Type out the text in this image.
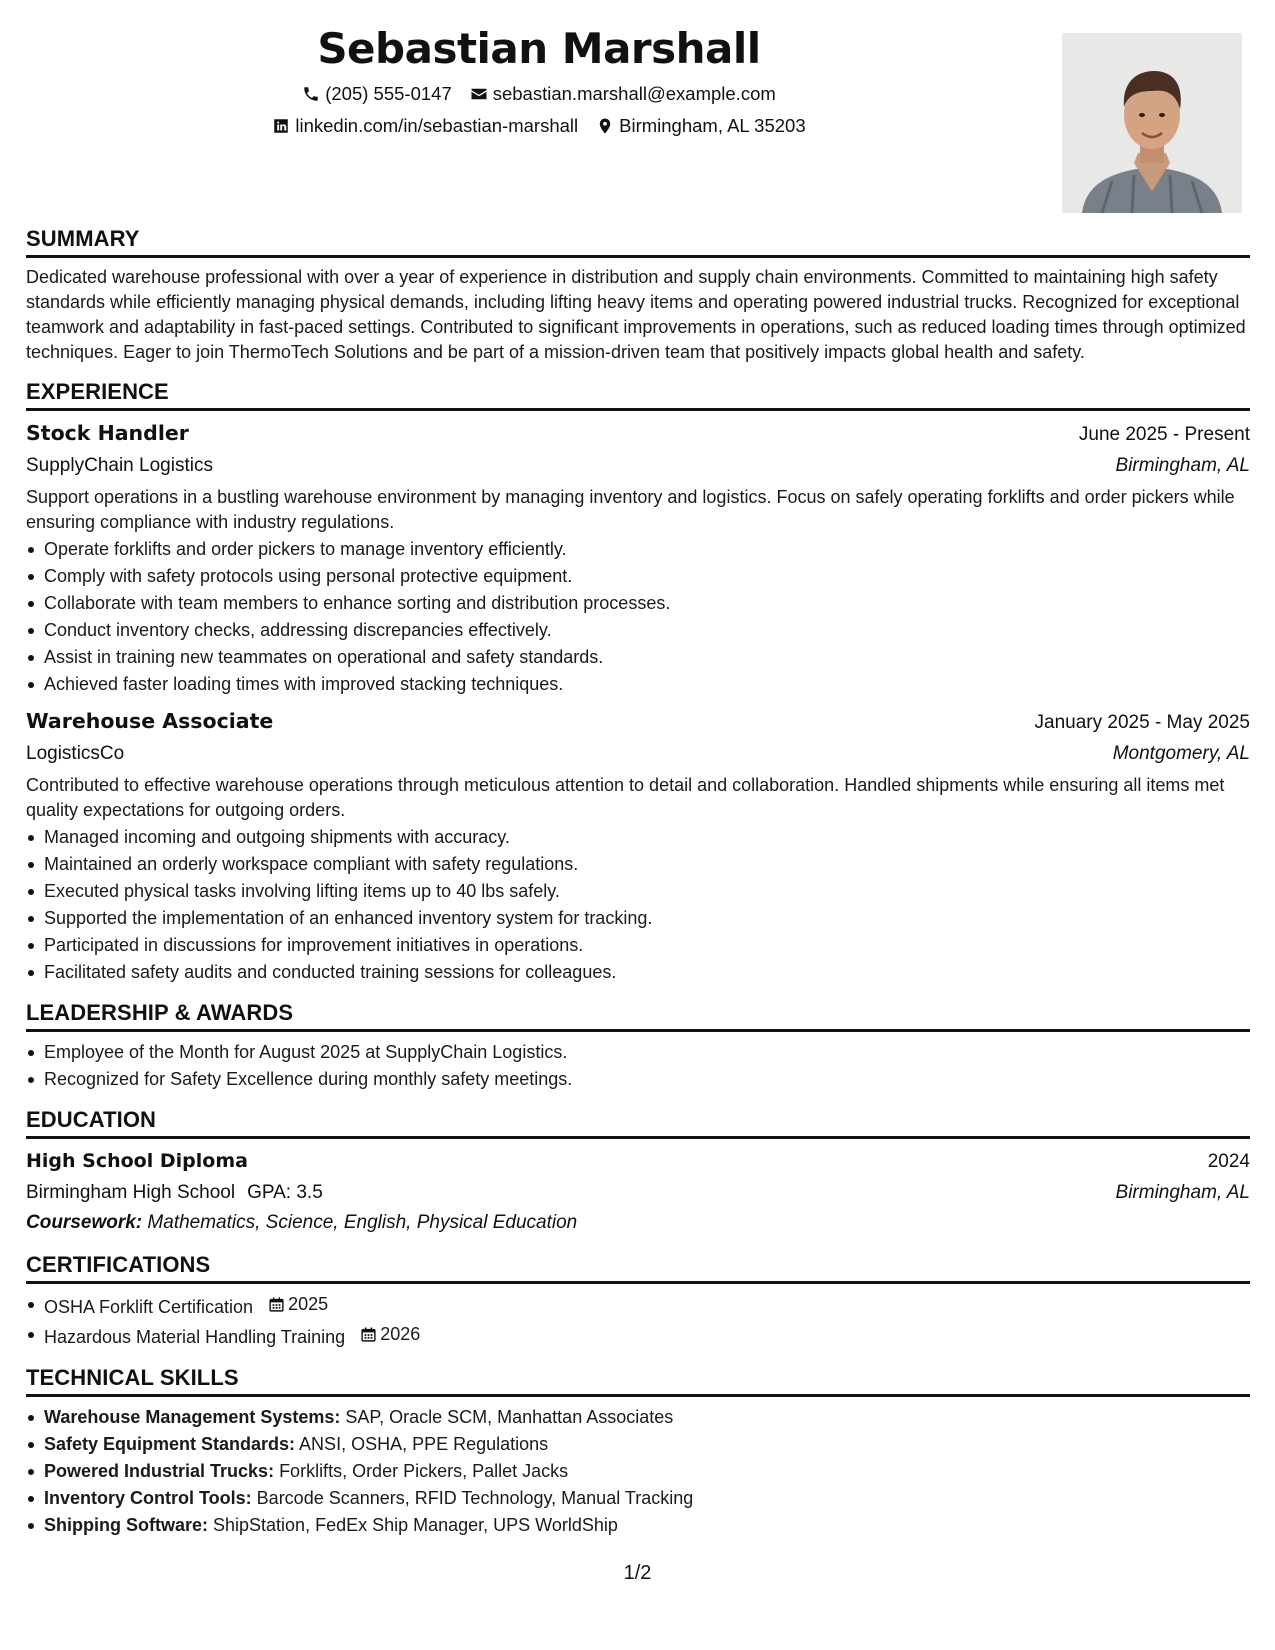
Sebastian Marshall
(205) 555-0147 sebastian.marshall@example.com
linkedin.com/in/sebastian-marshall Birmingham, AL 35203
SUMMARY
Dedicated warehouse professional with over a year of experience in distribution and supply chain environments. Committed to maintaining high safety standards while efficiently managing physical demands, including lifting heavy items and operating powered industrial trucks. Recognized for exceptional teamwork and adaptability in fast-paced settings. Contributed to significant improvements in operations, such as reduced loading times through optimized techniques. Eager to join ThermoTech Solutions and be part of a mission-driven team that positively impacts global health and safety.
EXPERIENCE
Stock Handler	June 2025 - Present
SupplyChain Logistics	Birmingham, AL
Support operations in a bustling warehouse environment by managing inventory and logistics. Focus on safely operating forklifts and order pickers while ensuring compliance with industry regulations.
Operate forklifts and order pickers to manage inventory efficiently.
Comply with safety protocols using personal protective equipment.
Collaborate with team members to enhance sorting and distribution processes.
Conduct inventory checks, addressing discrepancies effectively.
Assist in training new teammates on operational and safety standards.
Achieved faster loading times with improved stacking techniques.
Warehouse Associate	January 2025 - May 2025
LogisticsCo	Montgomery, AL
Contributed to effective warehouse operations through meticulous attention to detail and collaboration. Handled shipments while ensuring all items met quality expectations for outgoing orders.
Managed incoming and outgoing shipments with accuracy.
Maintained an orderly workspace compliant with safety regulations.
Executed physical tasks involving lifting items up to 40 lbs safely.
Supported the implementation of an enhanced inventory system for tracking.
Participated in discussions for improvement initiatives in operations.
Facilitated safety audits and conducted training sessions for colleagues.
LEADERSHIP & AWARDS
Employee of the Month for August 2025 at SupplyChain Logistics.
Recognized for Safety Excellence during monthly safety meetings.
EDUCATION
High School Diploma	2024
Birmingham High School GPA: 3.5	Birmingham, AL
Coursework: Mathematics, Science, English, Physical Education
CERTIFICATIONS
OSHA Forklift Certification 2025
Hazardous Material Handling Training 2026
TECHNICAL SKILLS
Warehouse Management Systems: SAP, Oracle SCM, Manhattan Associates
Safety Equipment Standards: ANSI, OSHA, PPE Regulations
Powered Industrial Trucks: Forklifts, Order Pickers, Pallet Jacks
Inventory Control Tools: Barcode Scanners, RFID Technology, Manual Tracking
Shipping Software: ShipStation, FedEx Ship Manager, UPS WorldShip
1/2
